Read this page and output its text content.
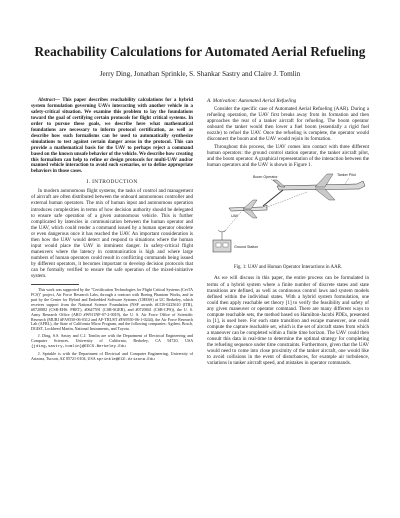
Reachability Calculations for Automated Aerial Refueling
Jerry Ding, Jonathan Sprinkle, S. Shankar Sastry and Claire J. Tomlin

Abstract— This paper describes reachability calculations for a hybrid system formulation governing UAVs interacting with another vehicle in a safety-critical situation. We examine this problem to lay the foundations toward the goal of certifying certain protocols for flight critical systems. In order to pursue these goals, we describe here what mathematical foundations are necessary to inform protocol certification, as well as describe how such formalisms can be used to automatically synthesize simulations to test against certain danger areas in the protocol. This can provide a mathematical basis for the UAV to perhaps reject a command based on the known unsafe behavior of the vehicle. We describe how creating this formalism can help to refine or design protocols for multi-UAV and/or manned vehicle interaction to avoid such scenarios, or to define appropriate behaviors in those cases.

I. INTRODUCTION

In modern autonomous flight systems, the tasks of control and management of aircraft are often distributed between the onboard autonomous controller and external human operators. The mix of human input and autonomous operation introduces complexities in terms of how decision authority should be delegated to ensure safe operation of a given autonomous vehicle. This is further complicated by latencies in communication between the human operator and the UAV, which could render a command issued by a human operator obsolete or even dangerous once it has reached the UAV. An important consideration is then how the UAV would detect and respond to situations where the human input would place the UAV in imminent danger. In safety-critical flight maneuvers where the latency in communication is high and where large numbers of human operators could result in conflicting commands being issued by different operators, it becomes important to develop decision protocols that can be formally verified to ensure the safe operation of the mixed-initiative system.

This work was supported by the "Certification Technologies for Flight Critical Systems (CerTA FCS)" project, Air Force Research Labs, through a contract with Boeing Phantom Works, and in part by the Center for Hybrid and Embedded Software Systems (CHESS) at UC Berkeley, which receives support from the National Science Foundation (NSF awards #CCR-0225610 (ITR), #0720882 (CSR-EHS: PRET), #0647591 (CSR-SGER), and #0720841 (CSR-CPS)), the U. S. Army Research Office (ARO #W911NF-07-2-0019), the U. S. Air Force Office of Scientific Research (MURI #FA9550-06-0312 and AF-TRUST #FA9550-06-1-0244), the Air Force Research Lab (AFRL), the State of California Micro Program, and the following companies: Agilent, Bosch, DGIST, Lockheed Martin, National Instruments, and Toyota.

J. Ding, S.S. Sastry and C.J. Tomlin are with the Department of Electrical Engineering and Computer Sciences, University of California, Berkeley, CA 94720, USA {jding,sastry,tomlin}@EECS.Berkeley.Edu

J. Sprinkle is with the Department of Electrical and Computer Engineering, University of Arizona, Tucson, AZ 85721-0104, USA sprinkle@ECE.Arizona.Edu

A. Motivation: Automated Aerial Refueling

Consider the specific case of Automated Aerial Refueling (AAR). During a refueling operation, the UAV first breaks away from its formation and then approaches the rear of a tanker aircraft for refueling. The boom operator onboard the tanker would then lower a fuel boom (essentially a rigid fuel nozzle) to refuel the UAV. Once the refueling is complete, the operator would disconnect the boom and the UAV would rejoin its formation.

Throughout this process, the UAV comes into contact with three different human operators: the ground control station operator, the tanker aircraft pilot, and the boom operator. A graphical representation of the interaction between the human operators and the UAV is shown in Figure 1.

Boom Operator	Tanker Pilot
Ground Station
UAV
Fig. 1: UAV and Human Operator Interactions in AAR.

As we will discuss in this paper, the entire process can be formulated in terms of a hybrid system where a finite number of discrete states and state transitions are defined, as well as continuous control laws and system models defined within the individual states. With a hybrid system formulation, one could then apply reachable set theory [1] to verify the feasibility and safety of any given maneuver or operator command. There are many different ways to compute reachable sets, the method based on Hamilton-Jacobi PDEs, presented in [1], is used here. For each state transition and escape maneuver, one could compute the capture reachable set, which is the set of aircraft states from which a maneuver can be completed within a finite time horizon. The UAV could then consult this data in real-time to determine the optimal strategy for completing the refueling sequence under time constraints. Furthermore, given that the UAV would need to come into close proximity of the tanker aircraft, one would like to avoid collisions in the event of disturbances, for example air turbulence, variations in tanker aircraft speed, and mistakes in operator commands.
